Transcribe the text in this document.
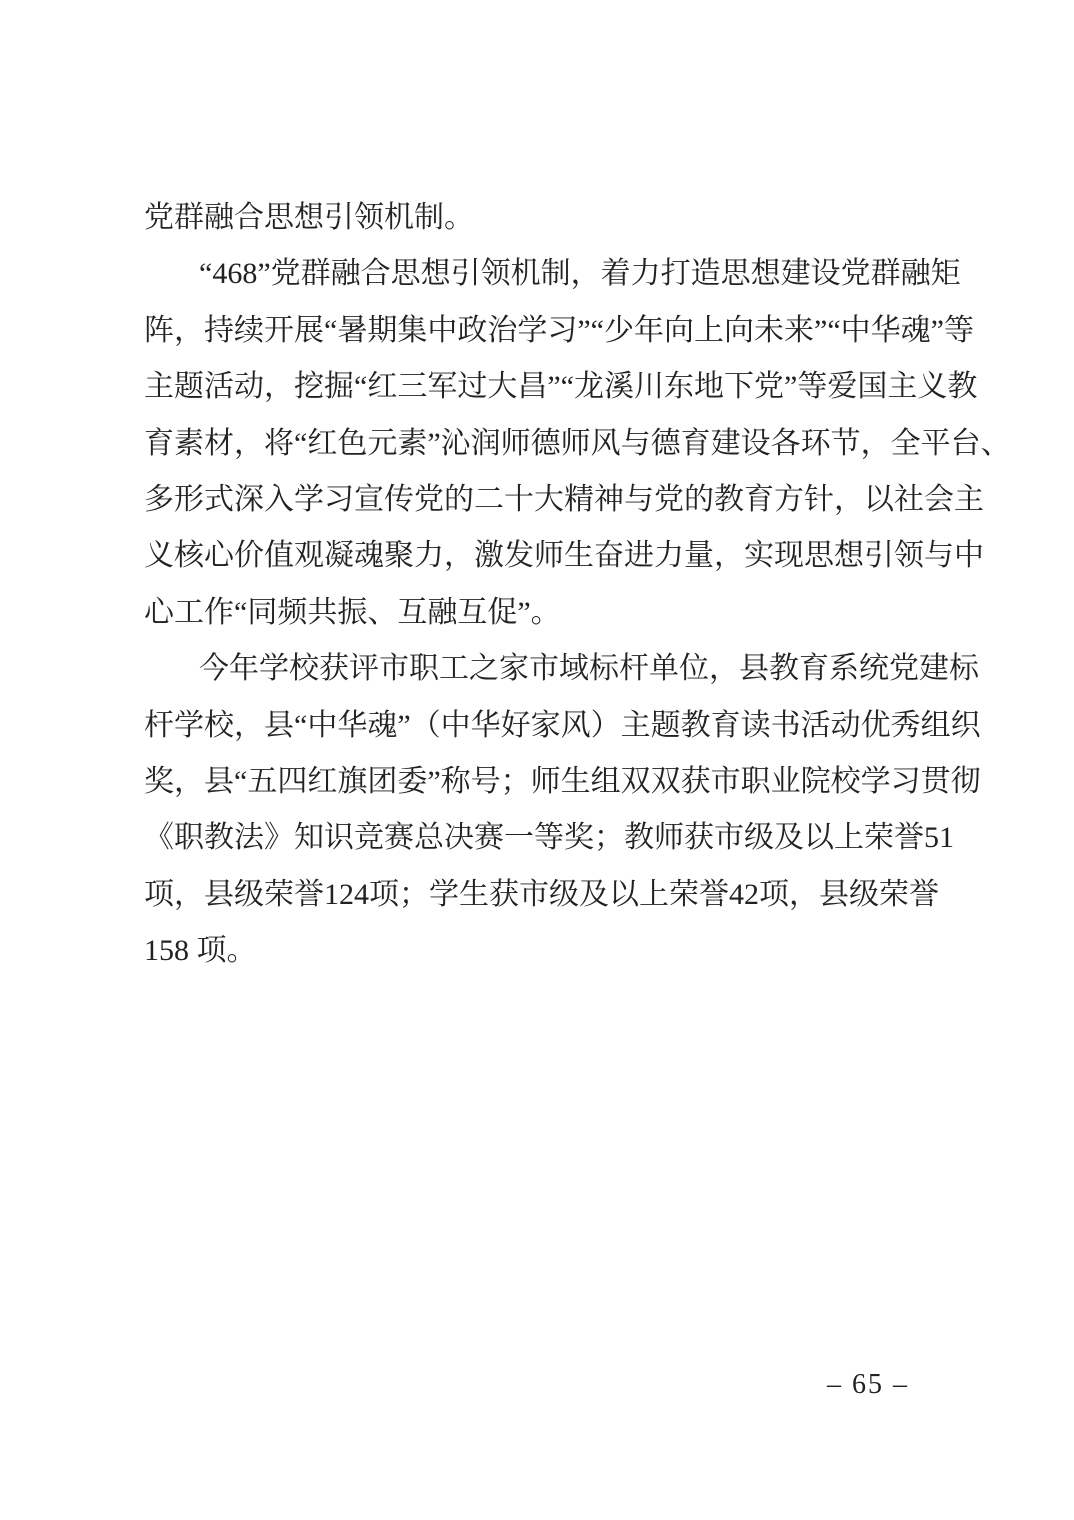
党群融合思想引领机制。
“ 468 ” 党 群 融 合 思 想 引 领 机 制 ， 着 力 打 造 思 想 建 设 党 群 融 矩
阵 ， 持 续 开 展 “ 暑 期 集 中 政 治 学 习 ” “ 少 年 向 上 向 未 来 ” “ 中 华 魂 ” 等
主 题 活 动 ， 挖 掘 “ 红 三 军 过 大 昌 ” “ 龙 溪 川 东 地 下 党 ” 等 爱 国 主 义 教
育 素 材 ， 将 “ 红 色 元 素 ” 沁 润 师 德 师 风 与 德 育 建 设 各 环 节 ， 全 平 台 、
多 形 式 深 入 学 习 宣 传 党 的 二 十 大 精 神 与 党 的 教 育 方 针 ， 以 社 会 主
义 核 心 价 值 观 凝 魂 聚 力 ， 激 发 师 生 奋 进 力 量 ， 实 现 思 想 引 领 与 中
心工作“同频共振、互融互促”。
今 年 学 校 获 评 市 职 工 之 家 市 域 标 杆 单 位 ， 县 教 育 系 统 党 建 标
杆 学 校 ， 县 “ 中 华 魂 ” （ 中 华 好 家 风 ） 主 题 教 育 读 书 活 动 优 秀 组 织
奖 ， 县 “ 五 四 红 旗 团 委 ” 称 号 ； 师 生 组 双 双 获 市 职 业 院 校 学 习 贯 彻
《 职 教 法 》 知 识 竞 赛 总 决 赛 一 等 奖 ； 教 师 获 市 级 及 以 上 荣 誉 51
项 ， 县 级 荣 誉 124 项 ； 学 生 获 市 级 及 以 上 荣 誉 42 项 ， 县 级 荣 誉
158 项。
– 65 –
